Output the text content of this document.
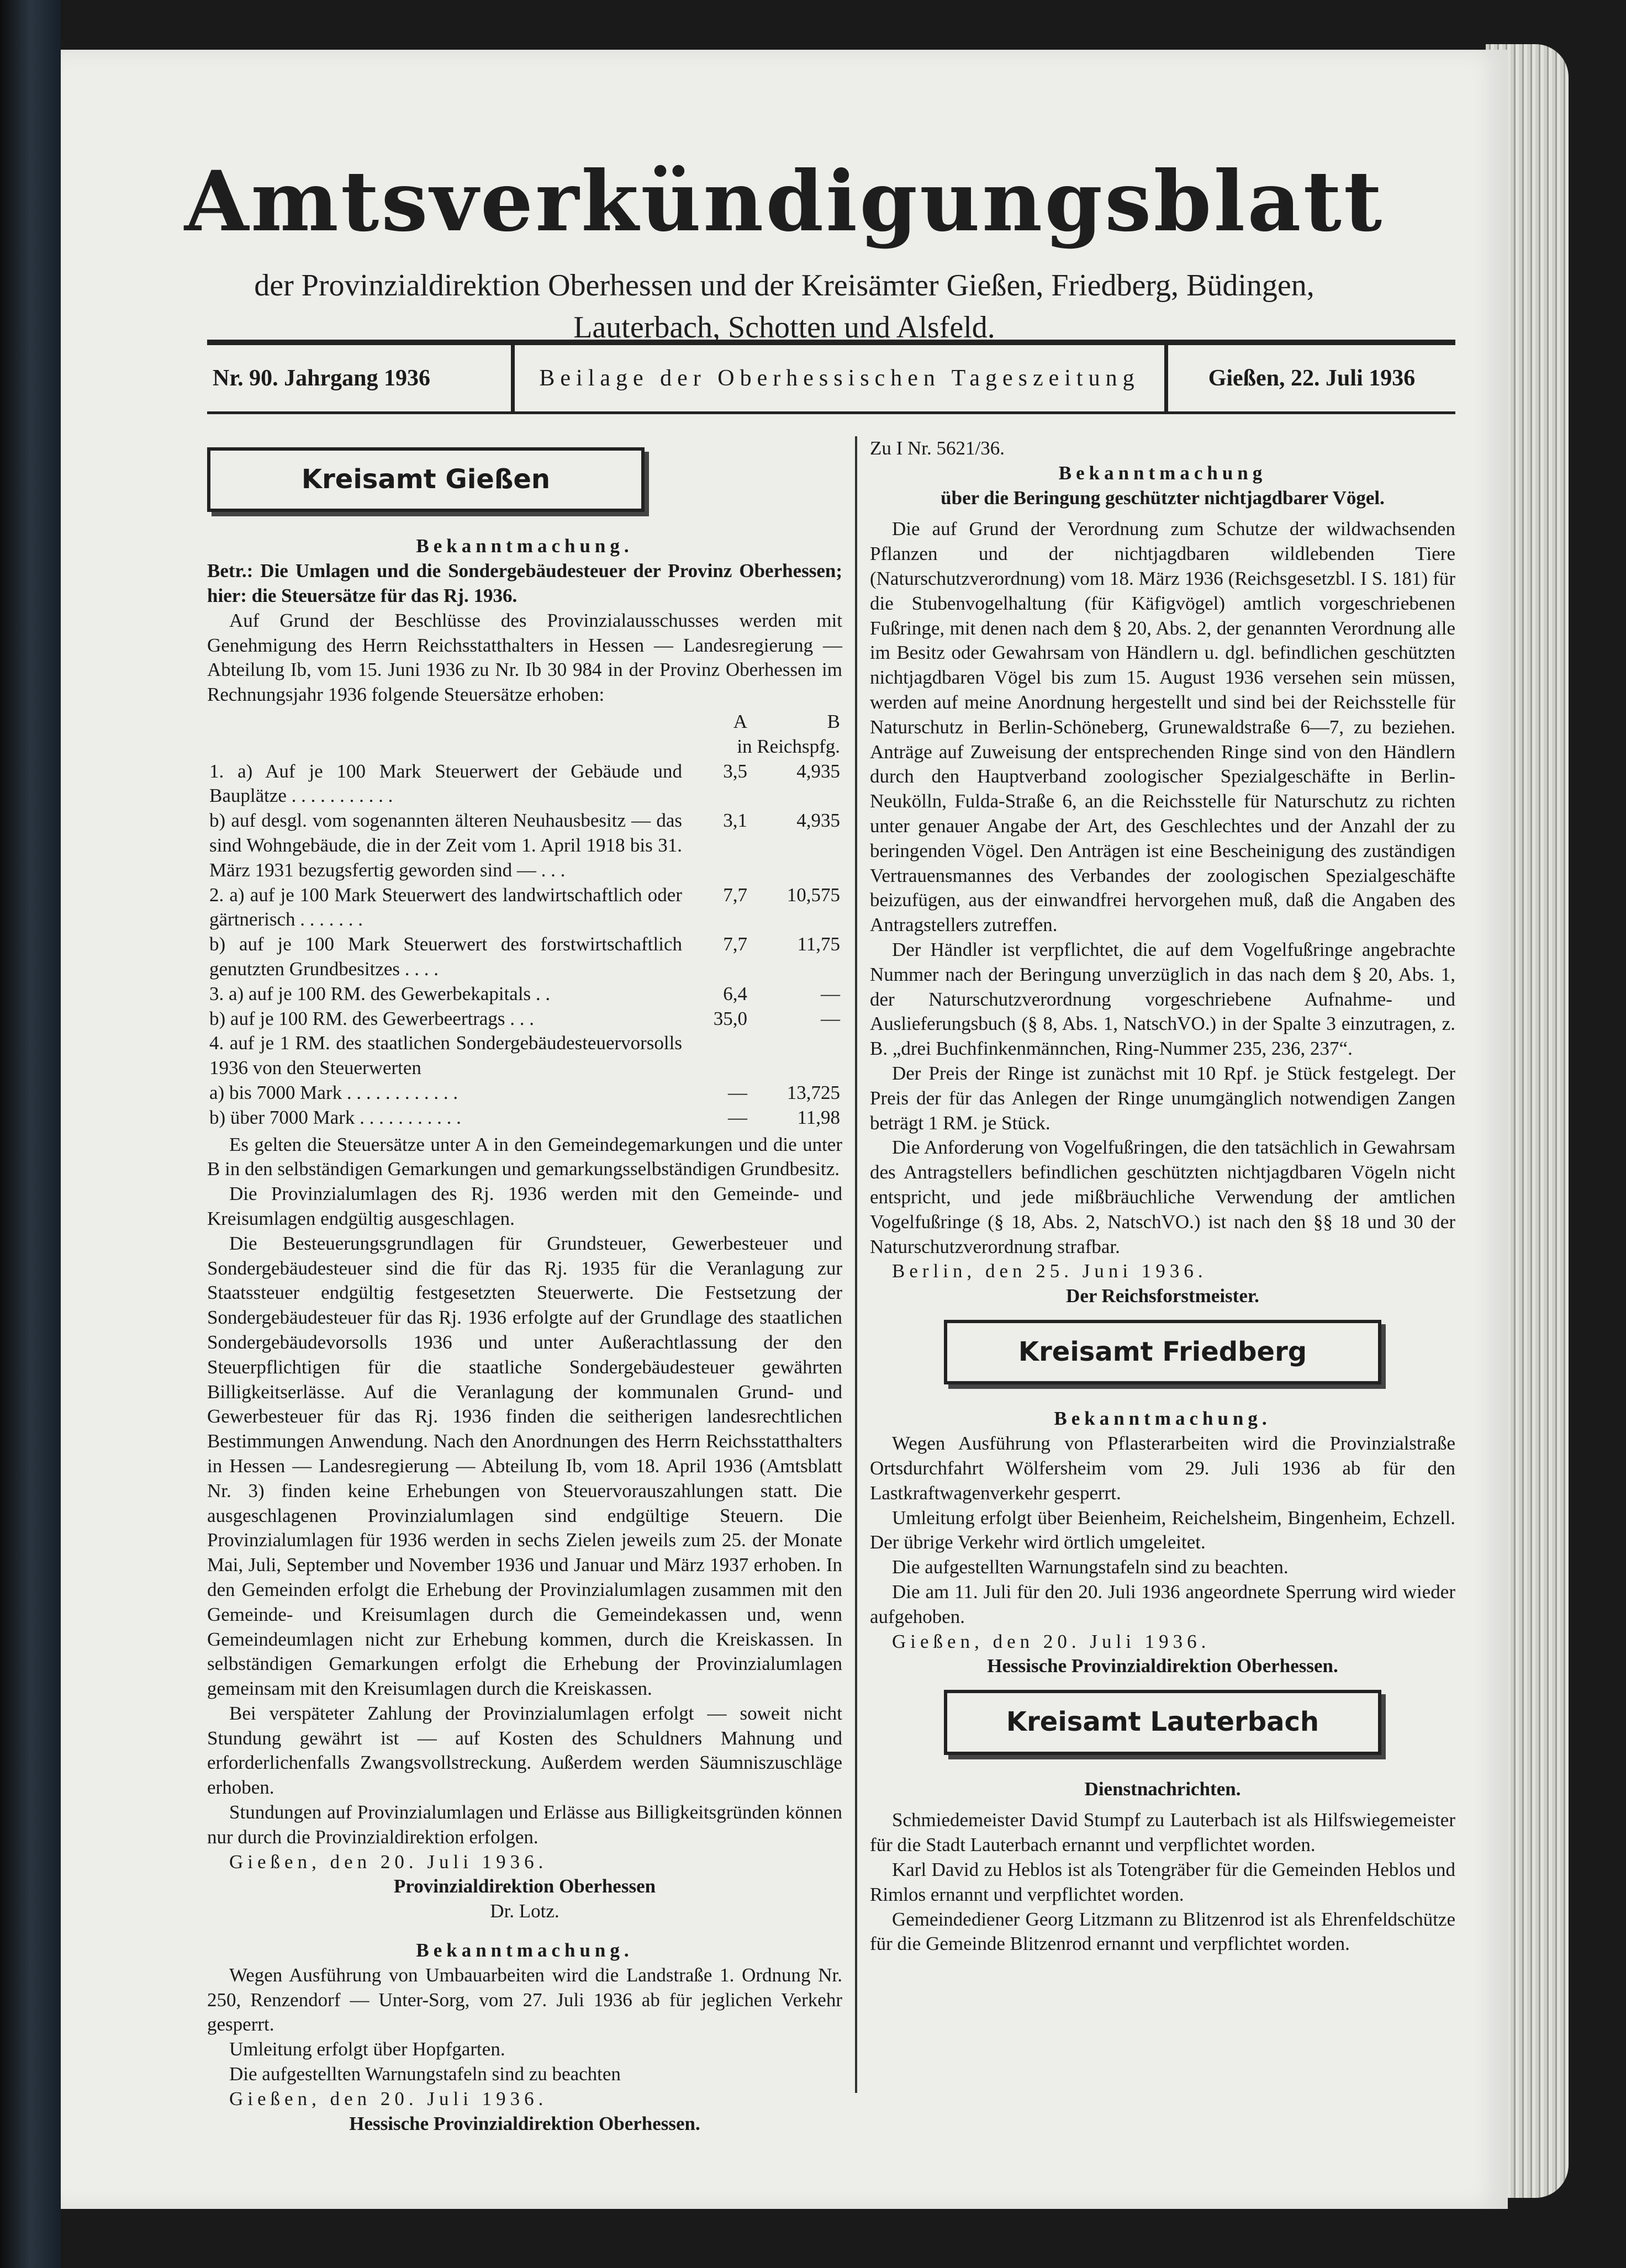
Amtsverkündigungsblatt
der Provinzialdirektion Oberhessen und der Kreisämter Gießen, Friedberg, Büdingen,
Lauterbach, Schotten und Alsfeld.
Nr. 90. Jahrgang 1936	Beilage der Oberhessischen Tageszeitung	Gießen, 22. Juli 1936
Kreisamt Gießen
Bekanntmachung.

Betr.: Die Umlagen und die Sondergebäudesteuer der Provinz Oberhessen; hier: die Steuersätze für das Rj. 1936.

Auf Grund der Beschlüsse des Provinzialausschusses werden mit Genehmigung des Herrn Reichsstatthalters in Hessen — Landesregierung — Abteilung Ib, vom 15. Juni 1936 zu Nr. Ib 30 984 in der Provinz Oberhessen im Rechnungsjahr 1936 folgende Steuersätze erhoben:

	A	B
	in Reichspfg.	
1. a) Auf je 100 Mark Steuerwert der Gebäude und Bauplätze . . . . . . . . . . .	3,5	4,935
b) auf desgl. vom sogenannten älteren Neuhausbesitz — das sind Wohngebäude, die in der Zeit vom 1. April 1918 bis 31. März 1931 bezugsfertig geworden sind — . . .	3,1	4,935
2. a) auf je 100 Mark Steuerwert des landwirtschaftlich oder gärtnerisch . . . . . . .	7,7	10,575
b) auf je 100 Mark Steuerwert des forstwirtschaftlich genutzten Grundbesitzes . . . .	7,7	11,75
3. a) auf je 100 RM. des Gewerbekapitals . .	6,4	—
b) auf je 100 RM. des Gewerbeertrags . . .	35,0	—
4. auf je 1 RM. des staatlichen Sondergebäudesteuervorsolls 1936 von den Steuerwerten		
a) bis 7000 Mark . . . . . . . . . . . .	—	13,725
b) über 7000 Mark . . . . . . . . . . .	—	11,98

Es gelten die Steuersätze unter A in den Gemeindegemarkungen und die unter B in den selbständigen Gemarkungen und gemarkungsselbständigen Grundbesitz.

Die Provinzialumlagen des Rj. 1936 werden mit den Gemeinde- und Kreisumlagen endgültig ausgeschlagen.

Die Besteuerungsgrundlagen für Grundsteuer, Gewerbesteuer und Sondergebäudesteuer sind die für das Rj. 1935 für die Veranlagung zur Staatssteuer endgültig festgesetzten Steuerwerte. Die Festsetzung der Sondergebäudesteuer für das Rj. 1936 erfolgte auf der Grundlage des staatlichen Sondergebäudevorsolls 1936 und unter Außerachtlassung der den Steuerpflichtigen für die staatliche Sondergebäudesteuer gewährten Billigkeitserlässe. Auf die Veranlagung der kommunalen Grund- und Gewerbesteuer für das Rj. 1936 finden die seitherigen landesrechtlichen Bestimmungen Anwendung. Nach den Anordnungen des Herrn Reichsstatthalters in Hessen — Landesregierung — Abteilung Ib, vom 18. April 1936 (Amtsblatt Nr. 3) finden keine Erhebungen von Steuervorauszahlungen statt. Die ausgeschlagenen Provinzialumlagen sind endgültige Steuern. Die Provinzialumlagen für 1936 werden in sechs Zielen jeweils zum 25. der Monate Mai, Juli, September und November 1936 und Januar und März 1937 erhoben. In den Gemeinden erfolgt die Erhebung der Provinzialumlagen zusammen mit den Gemeinde- und Kreisumlagen durch die Gemeindekassen und, wenn Gemeindeumlagen nicht zur Erhebung kommen, durch die Kreiskassen. In selbständigen Gemarkungen erfolgt die Erhebung der Provinzialumlagen gemeinsam mit den Kreisumlagen durch die Kreiskassen.

Bei verspäteter Zahlung der Provinzialumlagen erfolgt — soweit nicht Stundung gewährt ist — auf Kosten des Schuldners Mahnung und erforderlichenfalls Zwangsvollstreckung. Außerdem werden Säumniszuschläge erhoben.

Stundungen auf Provinzialumlagen und Erlässe aus Billigkeitsgründen können nur durch die Provinzialdirektion erfolgen.

Gießen, den 20. Juli 1936.

Provinzialdirektion Oberhessen
Dr. Lotz.
Bekanntmachung.

Wegen Ausführung von Umbauarbeiten wird die Landstraße 1. Ordnung Nr. 250, Renzendorf — Unter-Sorg, vom 27. Juli 1936 ab für jeglichen Verkehr gesperrt.

Umleitung erfolgt über Hopfgarten.

Die aufgestellten Warnungstafeln sind zu beachten

Gießen, den 20. Juli 1936.

Hessische Provinzialdirektion Oberhessen.

Zu I Nr. 5621/36.

Bekanntmachung
über die Beringung geschützter nichtjagdbarer Vögel.

Die auf Grund der Verordnung zum Schutze der wildwachsenden Pflanzen und der nichtjagdbaren wildlebenden Tiere (Naturschutzverordnung) vom 18. März 1936 (Reichsgesetzbl. I S. 181) für die Stubenvogelhaltung (für Käfigvögel) amtlich vorgeschriebenen Fußringe, mit denen nach dem § 20, Abs. 2, der genannten Verordnung alle im Besitz oder Gewahrsam von Händlern u. dgl. befindlichen geschützten nichtjagdbaren Vögel bis zum 15. August 1936 versehen sein müssen, werden auf meine Anordnung hergestellt und sind bei der Reichsstelle für Naturschutz in Berlin-Schöneberg, Grunewaldstraße 6—7, zu beziehen. Anträge auf Zuweisung der entsprechenden Ringe sind von den Händlern durch den Hauptverband zoologischer Spezialgeschäfte in Berlin-Neukölln, Fulda-Straße 6, an die Reichsstelle für Naturschutz zu richten unter genauer Angabe der Art, des Geschlechtes und der Anzahl der zu beringenden Vögel. Den Anträgen ist eine Bescheinigung des zuständigen Vertrauensmannes des Verbandes der zoologischen Spezialgeschäfte beizufügen, aus der einwandfrei hervorgehen muß, daß die Angaben des Antragstellers zutreffen.

Der Händler ist verpflichtet, die auf dem Vogelfußringe angebrachte Nummer nach der Beringung unverzüglich in das nach dem § 20, Abs. 1, der Naturschutzverordnung vorgeschriebene Aufnahme- und Auslieferungsbuch (§ 8, Abs. 1, NatschVO.) in der Spalte 3 einzutragen, z. B. „drei Buchfinkenmännchen, Ring-Nummer 235, 236, 237“.

Der Preis der Ringe ist zunächst mit 10 Rpf. je Stück festgelegt. Der Preis der für das Anlegen der Ringe unumgänglich notwendigen Zangen beträgt 1 RM. je Stück.

Die Anforderung von Vogelfußringen, die den tatsächlich in Gewahrsam des Antragstellers befindlichen geschützten nichtjagdbaren Vögeln nicht entspricht, und jede mißbräuchliche Verwendung der amtlichen Vogelfußringe (§ 18, Abs. 2, NatschVO.) ist nach den §§ 18 und 30 der Naturschutzverordnung strafbar.

Berlin, den 25. Juni 1936.

Der Reichsforstmeister.
Kreisamt Friedberg
Bekanntmachung.

Wegen Ausführung von Pflasterarbeiten wird die Provinzialstraße Ortsdurchfahrt Wölfersheim vom 29. Juli 1936 ab für den Lastkraftwagenverkehr gesperrt.

Umleitung erfolgt über Beienheim, Reichelsheim, Bingenheim, Echzell. Der übrige Verkehr wird örtlich umgeleitet.

Die aufgestellten Warnungstafeln sind zu beachten.

Die am 11. Juli für den 20. Juli 1936 angeordnete Sperrung wird wieder aufgehoben.

Gießen, den 20. Juli 1936.

Hessische Provinzialdirektion Oberhessen.
Kreisamt Lauterbach
Dienstnachrichten.

Schmiedemeister David Stumpf zu Lauterbach ist als Hilfswiegemeister für die Stadt Lauterbach ernannt und verpflichtet worden.

Karl David zu Heblos ist als Totengräber für die Gemeinden Heblos und Rimlos ernannt und verpflichtet worden.

Gemeindediener Georg Litzmann zu Blitzenrod ist als Ehrenfeldschütze für die Gemeinde Blitzenrod ernannt und verpflichtet worden.
